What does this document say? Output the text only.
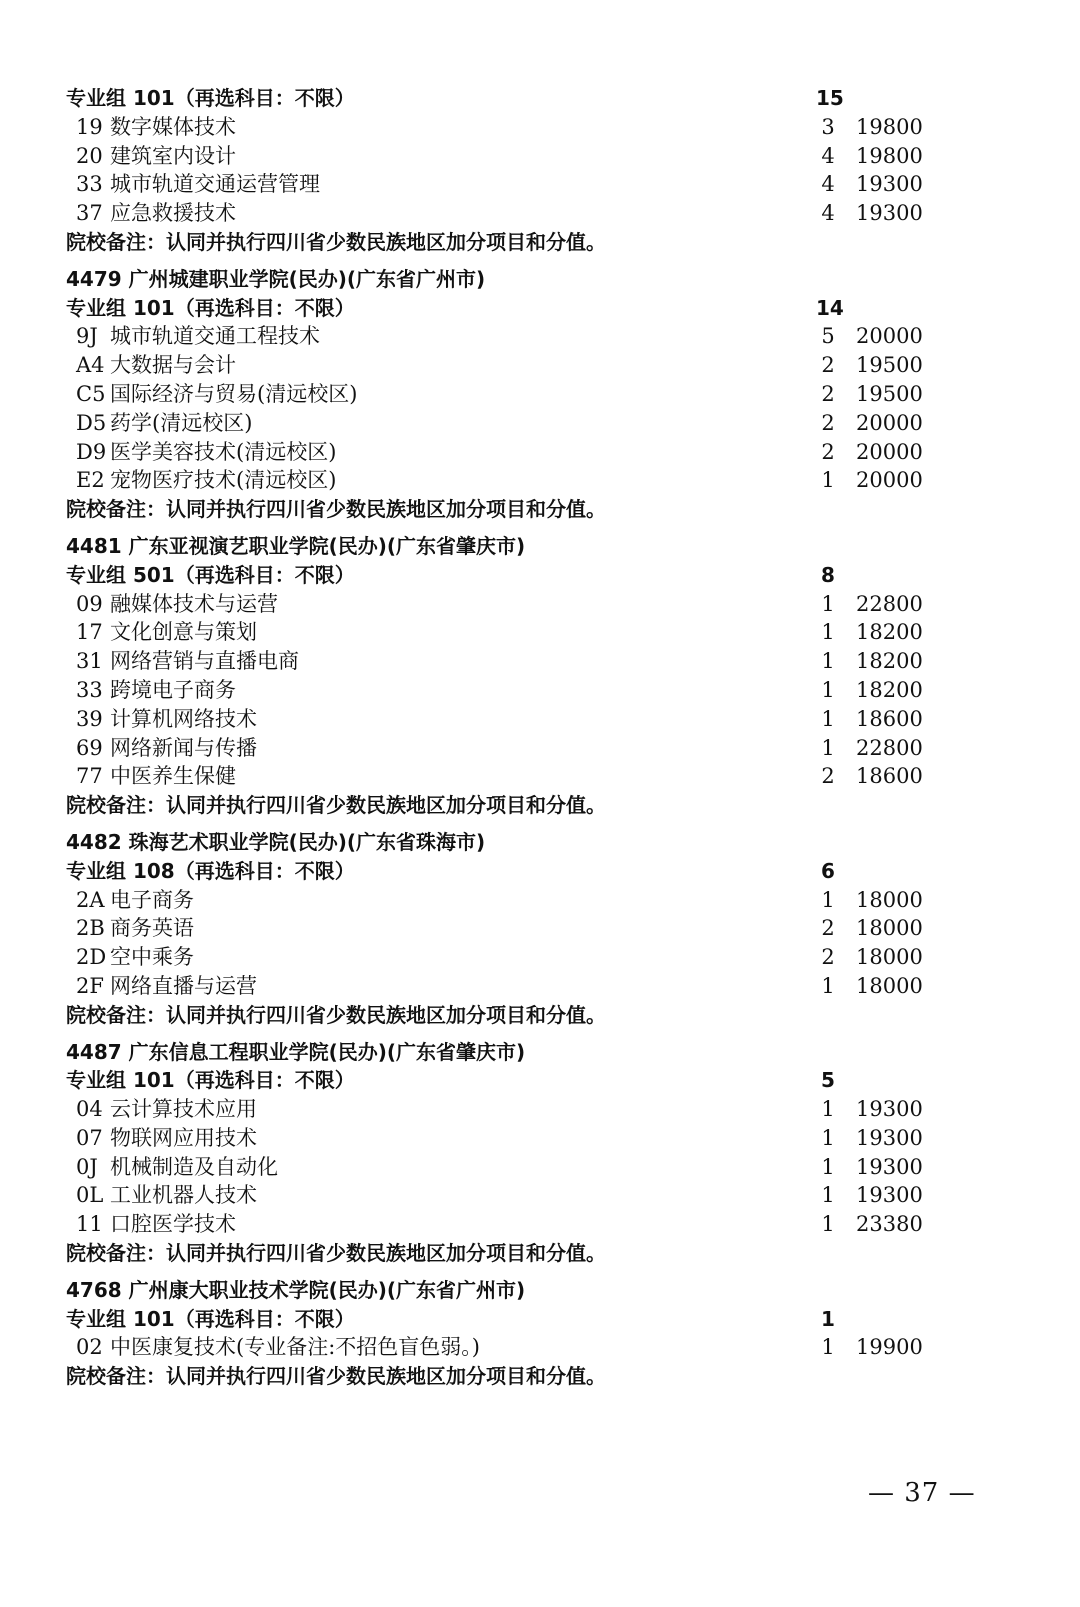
专业组 101（再选科目：不限）	15
19 数字媒体技术	3 19800
20 建筑室内设计	4 19800
33 城市轨道交通运营管理	4 19300
37 应急救援技术	4 19300
院校备注：认同并执行四川省少数民族地区加分项目和分值。
4479 广州城建职业学院(民办)(广东省广州市)
专业组 101（再选科目：不限）	14
9J 城市轨道交通工程技术	5 20000
A4 大数据与会计	2 19500
C5 国际经济与贸易(清远校区)	2 19500
D5 药学(清远校区)	2 20000
D9 医学美容技术(清远校区)	2 20000
E2 宠物医疗技术(清远校区)	1 20000
院校备注：认同并执行四川省少数民族地区加分项目和分值。
4481 广东亚视演艺职业学院(民办)(广东省肇庆市)
专业组 501（再选科目：不限）	8
09 融媒体技术与运营	1 22800
17 文化创意与策划	1 18200
31 网络营销与直播电商	1 18200
33 跨境电子商务	1 18200
39 计算机网络技术	1 18600
69 网络新闻与传播	1 22800
77 中医养生保健	2 18600
院校备注：认同并执行四川省少数民族地区加分项目和分值。
4482 珠海艺术职业学院(民办)(广东省珠海市)
专业组 108（再选科目：不限）	6
2A 电子商务	1 18000
2B 商务英语	2 18000
2D 空中乘务	2 18000
2F 网络直播与运营	1 18000
院校备注：认同并执行四川省少数民族地区加分项目和分值。
4487 广东信息工程职业学院(民办)(广东省肇庆市)
专业组 101（再选科目：不限）	5
04 云计算技术应用	1 19300
07 物联网应用技术	1 19300
0J 机械制造及自动化	1 19300
0L 工业机器人技术	1 19300
11 口腔医学技术	1 23380
院校备注：认同并执行四川省少数民族地区加分项目和分值。
4768 广州康大职业技术学院(民办)(广东省广州市)
专业组 101（再选科目：不限）	1
02 中医康复技术(专业备注:不招色盲色弱。)	1 19900
院校备注：认同并执行四川省少数民族地区加分项目和分值。
— 37 —
